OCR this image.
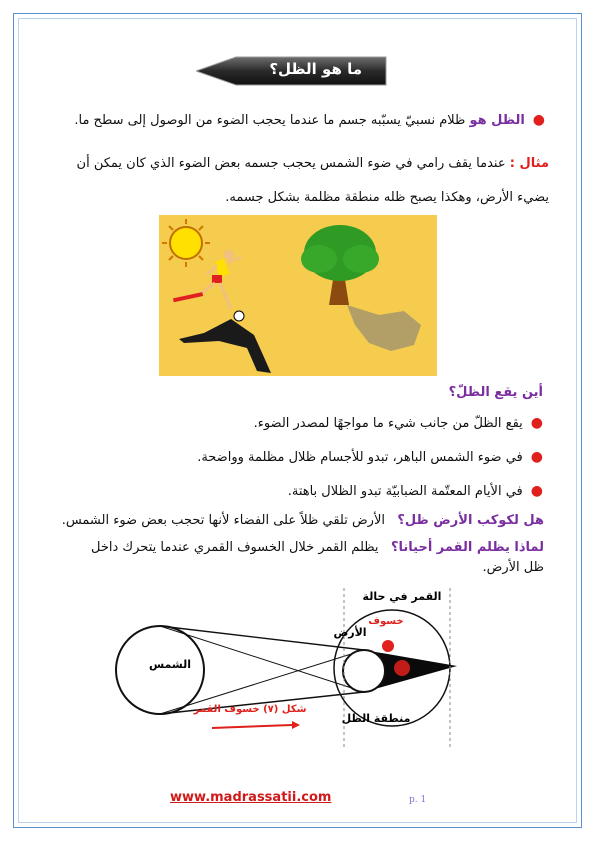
ما هو الظل؟
●الظل هو ظلام نسبيّ يسبّبه جسم ما عندما يحجب الضوء من الوصول إلى سطح ما.
مثال : عندما يقف رامي في ضوء الشمس يحجب جسمه بعض الضوء الذي كان يمكن أن
يضيء الأرض، وهكذا يصبح ظله منطقة مظلمة بشكل جسمه.
أين يقع الظلّ؟
●يقع الظلّ من جانب شيء ما مواجهًا لمصدر الضوء.
●في ضوء الشمس الباهر، تبدو للأجسام ظلال مظلمة وواضحة.
●في الأيام المعتّمة الضبابيّة تبدو الظلال باهتة.
هل لكوكب الأرض ظل؟   الأرض تلقي ظلاً على الفضاء لأنها تحجب بعض ضوء الشمس.
لماذا يظلم القمر أحيانا؟   يظلم القمر خلال الخسوف القمري عندما يتحرك داخل
ظل الأرض.
الشمس
الأرض
القمر في حالة
خسوف
منطقة الظل
شكل (٧) خسوف القمر
www.madrassatii.com	p. 1
